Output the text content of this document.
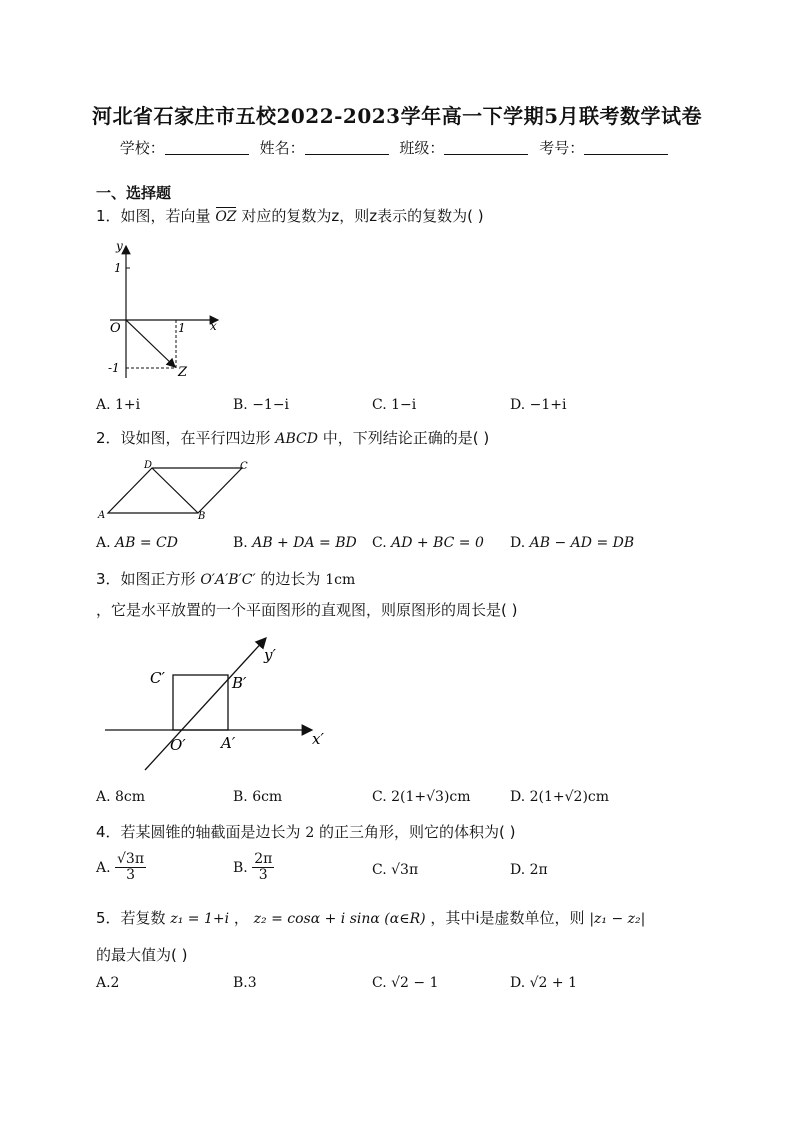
河北省石家庄市五校2022-2023学年高一下学期5月联考数学试卷
学校：	姓名：	班级：	考号：
一、选择题
1．如图，若向量 OZ 对应的复数为z，则z表示的复数为( )
y
1
O	1 x
-1	Z
A. 1+i	B. −1−i	C. 1−i	D. −1+i
2．设如图，在平行四边形 ABCD 中，下列结论正确的是( )
D	C
A	B
A. AB = CD	B. AB + DA = BD C. AD + BC = 0 D. AB − AD = DB
3．如图正方形 O′A′B′C′ 的边长为 1cm
，它是水平放置的一个平面图形的直观图，则原图形的周长是( )
y′
C′	B′
O′ A′	x′
A. 8cm	B. 6cm	C. 2(1+√3)cm	D. 2(1+√2)cm
4．若某圆锥的轴截面是边长为 2 的正三角形，则它的体积为( )
A. $\frac{√3\pi}{3}$	B. $\frac{2\pi}{3}$	C. √3π	D. 2π
5．若复数 z₁ = 1+i ， z₂ = cosα + i sinα (α∈R) ，其中i是虚数单位，则 |z₁ − z₂|
的最大值为( )
A.2	B.3	C. √2 − 1	D. √2 + 1
